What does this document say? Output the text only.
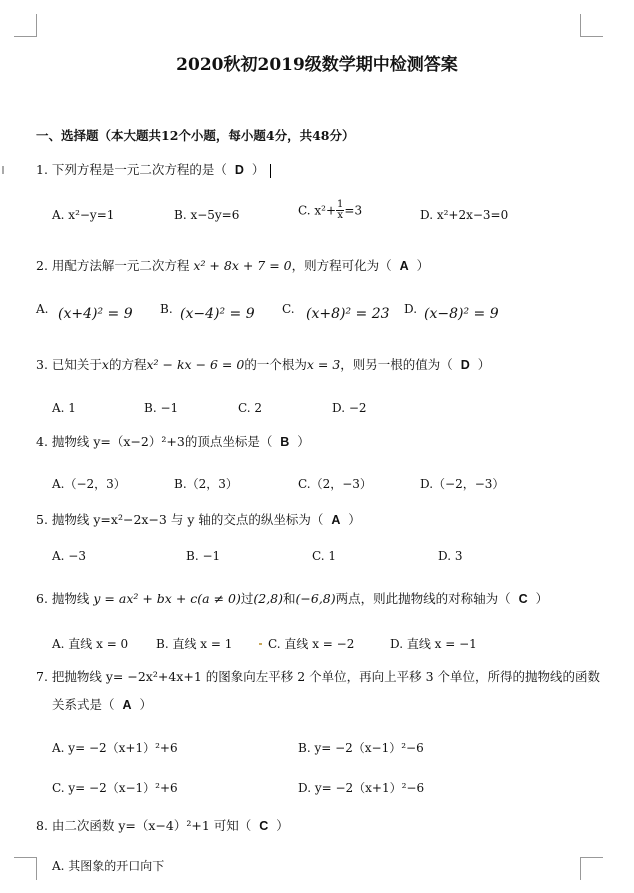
2020秋初2019级数学期中检测答案
一、选择题（本大题共12个小题，每小题4分，共48分）
1. 下列方程是一元二次方程的是（ D ）
A. x²−y=1	B. x−5y=6	C. $x^2+ \frac{1}{x} =3$	D. x²+2x−3=0
2. 用配方法解一元二次方程 x² + 8x + 7 = 0，则方程可化为（ A ）
A. (x+4)² = 9 B. (x−4)² = 9 C. (x+8)² = 23 D. (x−8)² = 9
3. 已知关于x的方程x² − kx − 6 = 0的一个根为x = 3，则另一根的值为（ D ）
A. 1	B. −1	C. 2	D. −2
4. 抛物线 y=（x−2）²+3的顶点坐标是（ B ）
A.（−2，3）	B.（2，3）	C.（2，−3）	D.（−2，−3）
5. 抛物线 y=x²−2x−3 与 y 轴的交点的纵坐标为（ A ）
A. −3	B. −1	C. 1	D. 3
6. 抛物线 y = ax² + bx + c(a ≠ 0)过(2,8)和(−6,8)两点，则此抛物线的对称轴为（ C ）
A. 直线 x = 0 B. 直线 x = 1	C. 直线 x = −2	D. 直线 x = −1
7. 把抛物线 y= −2x²+4x+1 的图象向左平移 2 个单位，再向上平移 3 个单位，所得的抛物线的函数
关系式是（ A ）
A. y= −2（x+1）²+6	B. y= −2（x−1）²−6
C. y= −2（x−1）²+6	D. y= −2（x+1）²−6
8. 由二次函数 y=（x−4）²+1 可知（ C ）
A. 其图象的开口向下
